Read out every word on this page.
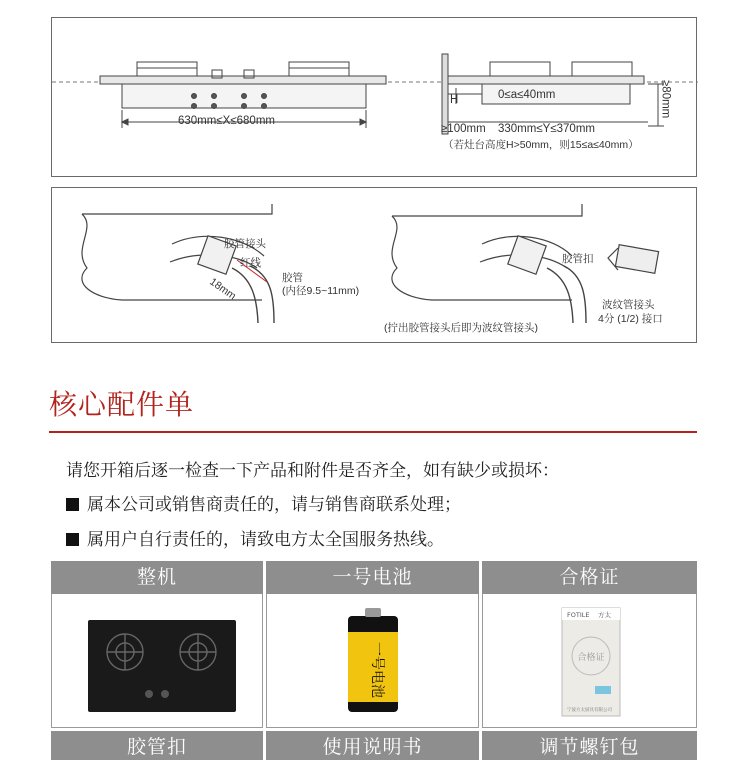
630mm≤X≤680mm
0≤a≤40mm
H	≥80mm
≥100mm 330mm≤Y≤370mm
（若灶台高度H>50mm，则15≤a≤40mm）
胶管接头
红线
18mm	胶管
(内径9.5~11mm)
胶管扣
波纹管接头
4分 (1/2) 接口
(拧出胶管接头后即为波纹管接头)
核心配件单
请您开箱后逐一检查一下产品和附件是否齐全，如有缺少或损坏：
属本公司或销售商责任的，请与销售商联系处理；
属用户自行责任的，请致电方太全国服务热线。
整机	一号电池	合格证
一号电池
FOTILE 方太
合格证
宁波方太厨具有限公司
胶管扣	使用说明书	调节螺钉包
